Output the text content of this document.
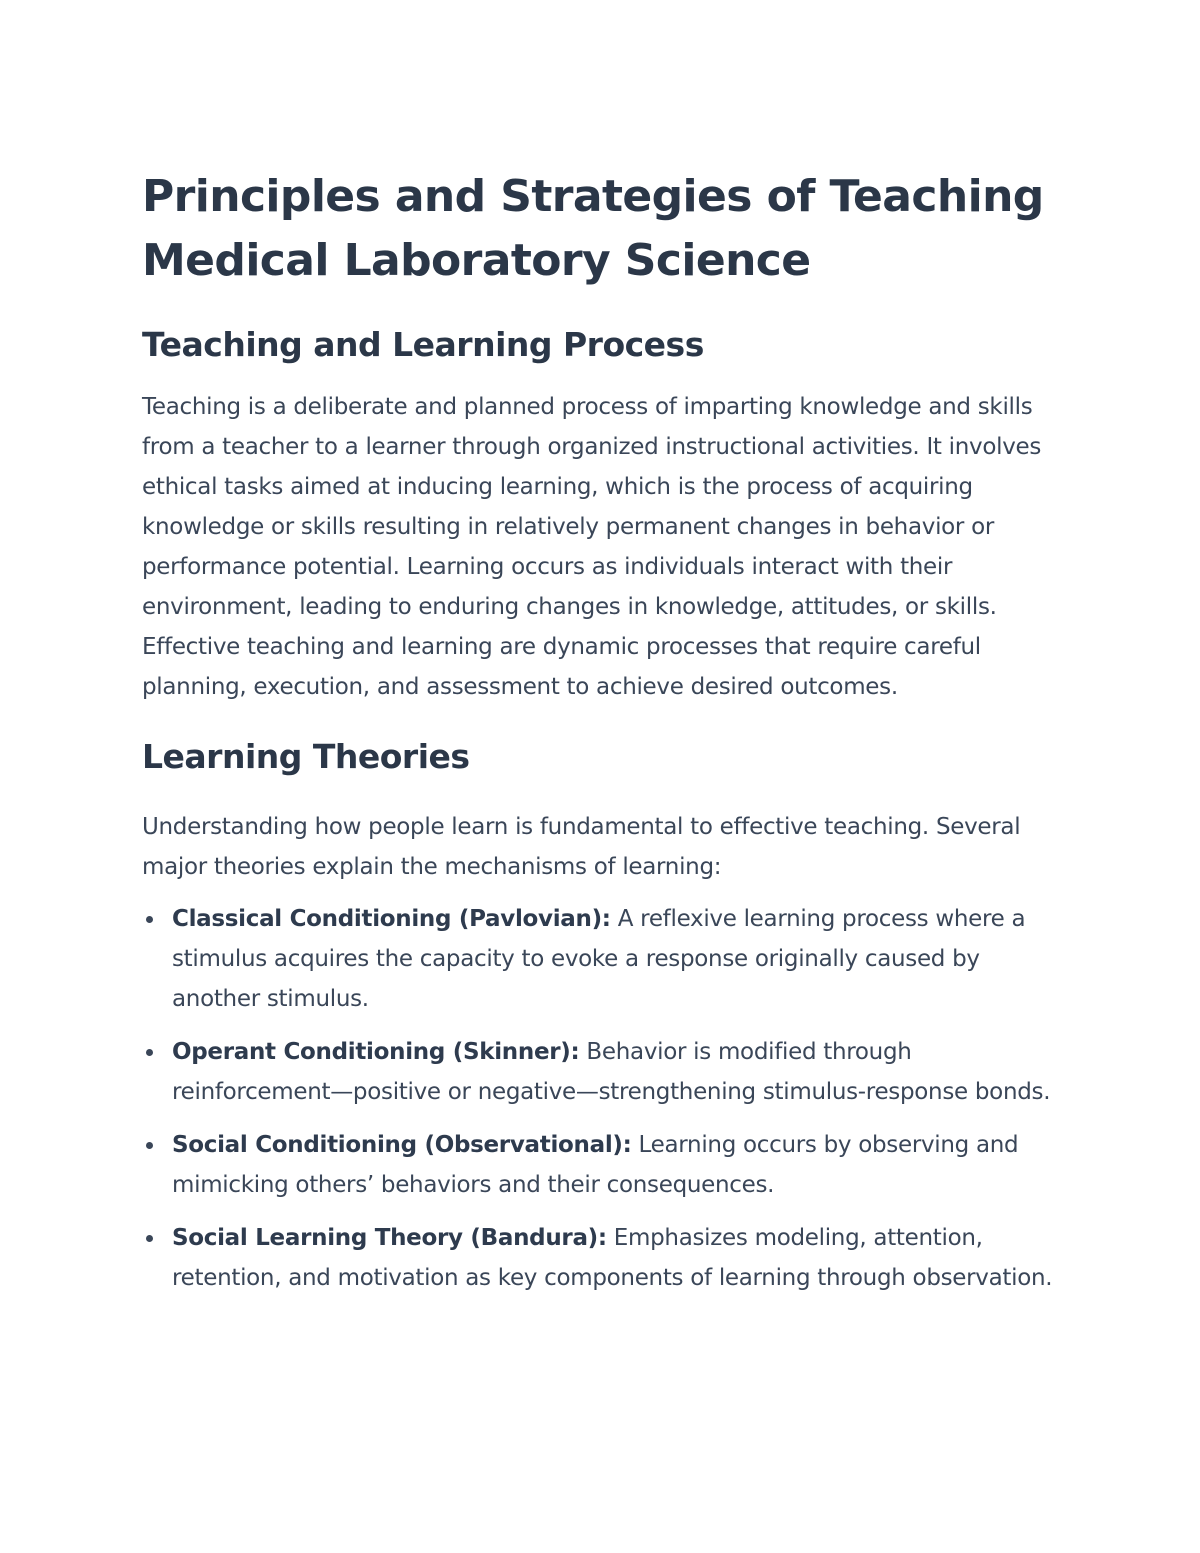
Principles and Strategies of Teaching Medical Laboratory Science
Teaching and Learning Process

Teaching is a deliberate and planned process of imparting knowledge and skills from a teacher to a learner through organized instructional activities. It involves ethical tasks aimed at inducing learning, which is the process of acquiring knowledge or skills resulting in relatively permanent changes in behavior or performance potential. Learning occurs as individuals interact with their environment, leading to enduring changes in knowledge, attitudes, or skills. Effective teaching and learning are dynamic processes that require careful planning, execution, and assessment to achieve desired outcomes.

Learning Theories

Understanding how people learn is fundamental to effective teaching. Several major theories explain the mechanisms of learning:

Classical Conditioning (Pavlovian): A reflexive learning process where a stimulus acquires the capacity to evoke a response originally caused by another stimulus.
Operant Conditioning (Skinner): Behavior is modified through reinforcement—positive or negative—strengthening stimulus-response bonds.
Social Conditioning (Observational): Learning occurs by observing and mimicking others’ behaviors and their consequences.
Social Learning Theory (Bandura): Emphasizes modeling, attention, retention, and motivation as key components of learning through observation.
